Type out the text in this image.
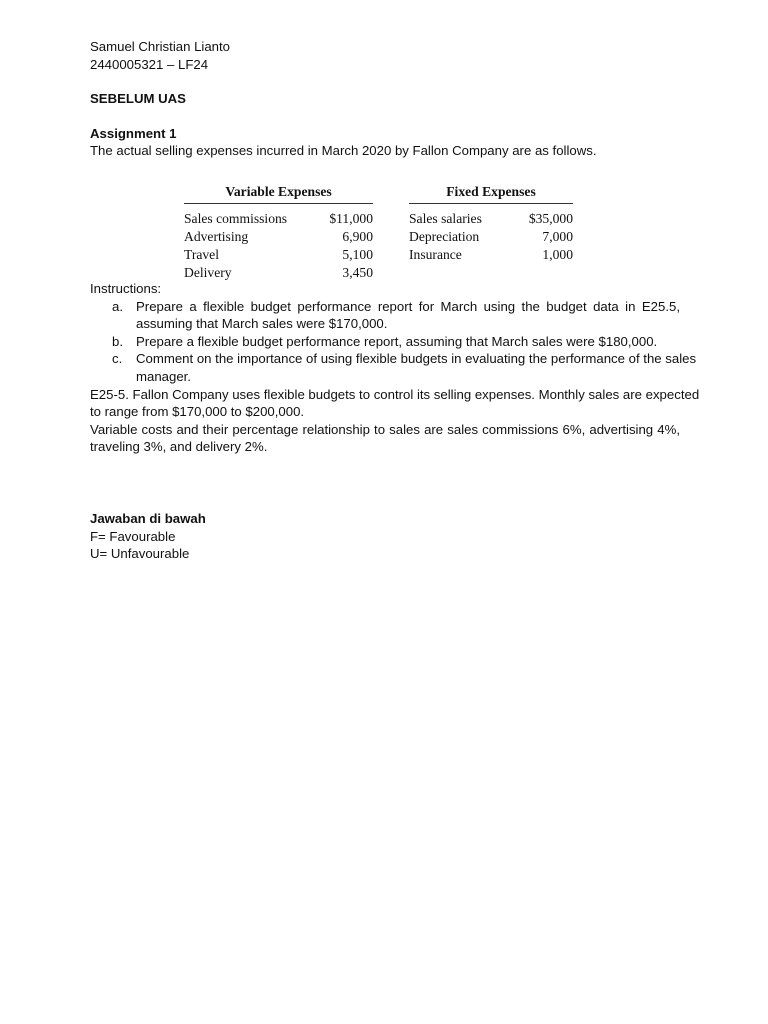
Samuel Christian Lianto
2440005321 – LF24
SEBELUM UAS
Assignment 1
The actual selling expenses incurred in March 2020 by Fallon Company are as follows.
Instructions:
a. Prepare a flexible budget performance report for March using the budget data in E25.5,
assuming that March sales were $170,000.
b. Prepare a flexible budget performance report, assuming that March sales were $180,000.
c.	Comment on the importance of using flexible budgets in evaluating the performance of the sales
manager.
E25-5. Fallon Company uses flexible budgets to control its selling expenses. Monthly sales are expected
to range from $170,000 to $200,000.
Variable costs and their percentage relationship to sales are sales commissions 6%, advertising 4%,
traveling 3%, and delivery 2%.
Jawaban di bawah
F= Favourable
U= Unfavourable
Variable Expenses
Sales commissions	$11,000
Advertising	6,900
Travel	5,100
Delivery	3,450
Fixed Expenses
Sales salaries	$35,000
Depreciation	7,000
Insurance	1,000
